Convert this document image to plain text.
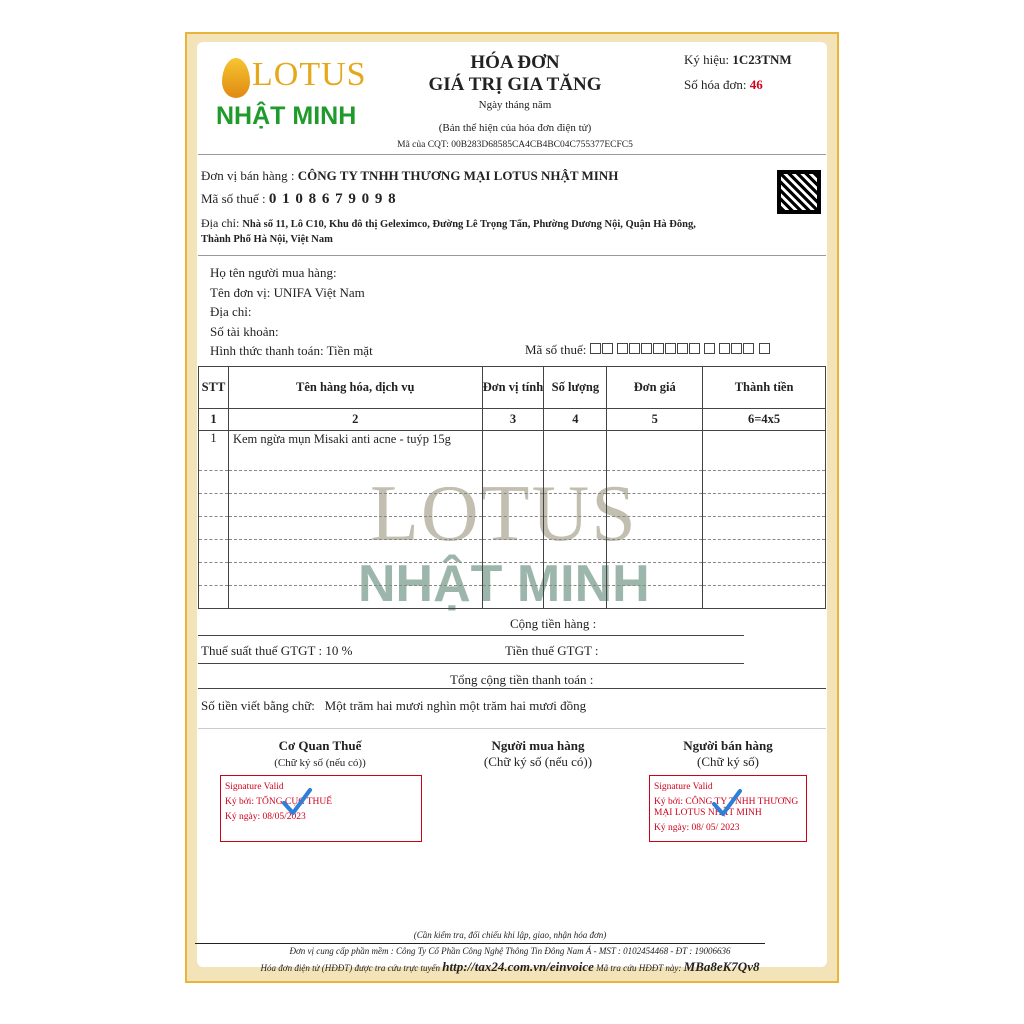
LOTUS
NHẬT MINH
HÓA ĐƠN
GIÁ TRỊ GIA TĂNG
Ngày tháng năm
(Bản thể hiện của hóa đơn điện tử)
Mã của CQT: 00B283D68585CA4CB4BC04C755377ECFC5
Ký hiệu: 1C23TNM
Số hóa đơn: 46
Đơn vị bán hàng : CÔNG TY TNHH THƯƠNG MẠI LOTUS NHẬT MINH
Mã số thuế : 0 1 0 8 6 7 9 0 9 8
Địa chỉ: Nhà số 11, Lô C10, Khu đô thị Geleximco, Đường Lê Trọng Tấn, Phường Dương Nội, Quận Hà Đông,
Thành Phố Hà Nội, Việt Nam
Họ tên người mua hàng:
Tên đơn vị: UNIFA Việt Nam
Địa chỉ:
Số tài khoản:
Hình thức thanh toán: Tiền mặt	Mã số thuế:
LOTUS
NHẬT MINH
STT	Tên hàng hóa, dịch vụ	Đơn vị tính	Số lượng	Đơn giá	Thành tiền
1	2	3	4	5	6=4x5
1	Kem ngừa mụn Misaki anti acne - tuýp 15g				

Cộng tiền hàng :
Thuế suất thuế GTGT : 10 %	Tiền thuế GTGT :
Tổng cộng tiền thanh toán :
Số tiền viết bằng chữ: Một trăm hai mươi nghìn một trăm hai mươi đồng
Cơ Quan Thuế
(Chữ ký số (nếu có))
Người mua hàng
(Chữ ký số (nếu có))
Người bán hàng
(Chữ ký số)
Signature Valid
Ký bởi: TỔNG CỤC THUẾ
Ký ngày: 08/05/2023
Signature Valid
Ký bởi: CÔNG TY TNHH THƯƠNG MẠI LOTUS NHẬT MINH
Ký ngày: 08/ 05/ 2023
(Cần kiểm tra, đối chiếu khi lập, giao, nhận hóa đơn)
Đơn vị cung cấp phần mềm : Công Ty Cổ Phần Công Nghệ Thông Tin Đông Nam Á - MST : 0102454468 - ĐT : 19006636
Hóa đơn điện tử (HĐĐT) được tra cứu trực tuyến http://tax24.com.vn/einvoice Mã tra cứu HĐĐT này: MBa8eK7Qv8
